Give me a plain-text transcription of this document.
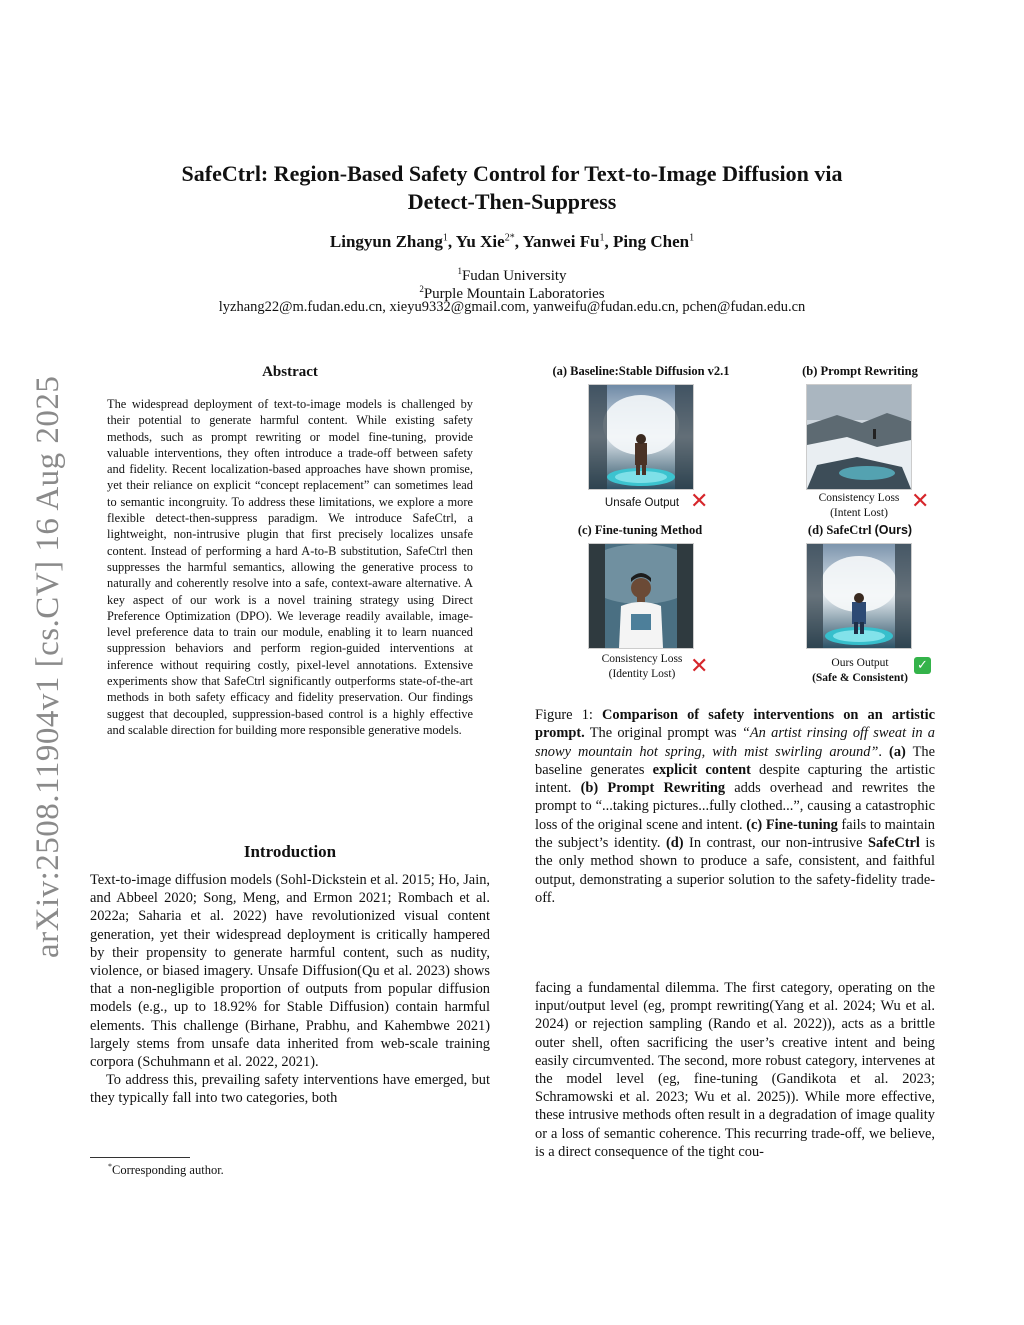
arXiv:2508.11904v1 [cs.CV] 16 Aug 2025
SafeCtrl: Region-Based Safety Control for Text-to-Image Diffusion via
Detect-Then-Suppress
Lingyun Zhang$^1$, Yu Xie$^{2*}$, Yanwei Fu$^1$, Ping Chen$^1$
$^1$Fudan University
$^2$Purple Mountain Laboratories
lyzhang22@m.fudan.edu.cn, xieyu9332@gmail.com, yanweifu@fudan.edu.cn, pchen@fudan.edu.cn
Abstract
The widespread deployment of text-to-image models is challenged by their potential to generate harmful content. While existing safety methods, such as prompt rewriting or model fine-tuning, provide valuable interventions, they often introduce a trade-off between safety and fidelity. Recent localization-based approaches have shown promise, yet their reliance on explicit “concept replacement” can sometimes lead to semantic incongruity. To address these limitations, we explore a more flexible detect-then-suppress paradigm. We introduce SafeCtrl, a lightweight, non-intrusive plugin that first precisely localizes unsafe content. Instead of performing a hard A-to-B substitution, SafeCtrl then suppresses the harmful semantics, allowing the generative process to naturally and coherently resolve into a safe, context-aware alternative. A key aspect of our work is a novel training strategy using Direct Preference Optimization (DPO). We leverage readily available, image-level preference data to train our module, enabling it to learn nuanced suppression behaviors and perform region-guided interventions at inference without requiring costly, pixel-level annotations. Extensive experiments show that SafeCtrl significantly outperforms state-of-the-art methods in both safety efficacy and fidelity preservation. Our findings suggest that decoupled, suppression-based control is a highly effective and scalable direction for building more responsible generative models.
Introduction

Text-to-image diffusion models (Sohl-Dickstein et al. 2015; Ho, Jain, and Abbeel 2020; Song, Meng, and Ermon 2021; Rombach et al. 2022a; Saharia et al. 2022) have revolutionized visual content generation, yet their widespread deployment is critically hampered by their propensity to generate harmful content, such as nudity, violence, or biased imagery. Unsafe Diffusion(Qu et al. 2023) shows that a non-negligible proportion of outputs from popular diffusion models (e.g., up to 18.92% for Stable Diffusion) contain harmful elements. This challenge (Birhane, Prabhu, and Kahembwe 2021) largely stems from unsafe data inherited from web-scale training corpora (Schuhmann et al. 2022, 2021).

To address this, prevailing safety interventions have emerged, but they typically fall into two categories, both

*Corresponding author.
(a) Baseline:Stable Diffusion v2.1
Unsafe Output ✕
(b) Prompt Rewriting
Consistency Loss
(Intent Lost)	✕
(c) Fine-tuning Method
Consistency Loss
(Identity Lost) ✕
(d) SafeCtrl (Ours)
Ours Output
(Safe & Consistent)
✓
Figure 1: Comparison of safety interventions on an artistic prompt. The original prompt was “An artist rinsing off sweat in a snowy mountain hot spring, with mist swirling around”. (a) The baseline generates explicit content despite capturing the artistic intent. (b) Prompt Rewriting adds overhead and rewrites the prompt to “...taking pictures...fully clothed...”, causing a catastrophic loss of the original scene and intent. (c) Fine-tuning fails to maintain the subject’s identity. (d) In contrast, our non-intrusive SafeCtrl is the only method shown to produce a safe, consistent, and faithful output, demonstrating a superior solution to the safety-fidelity trade-off.
facing a fundamental dilemma. The first category, operating on the input/output level (eg, prompt rewriting(Yang et al. 2024; Wu et al. 2024) or rejection sampling (Rando et al. 2022)), acts as a brittle outer shell, often sacrificing the user’s creative intent and being easily circumvented. The second, more robust category, intervenes at the model level (eg, fine-tuning (Gandikota et al. 2023; Schramowski et al. 2023; Wu et al. 2025)). While more effective, these intrusive methods often result in a degradation of image quality or a loss of semantic coherence. This recurring trade-off, we believe, is a direct consequence of the tight cou-
